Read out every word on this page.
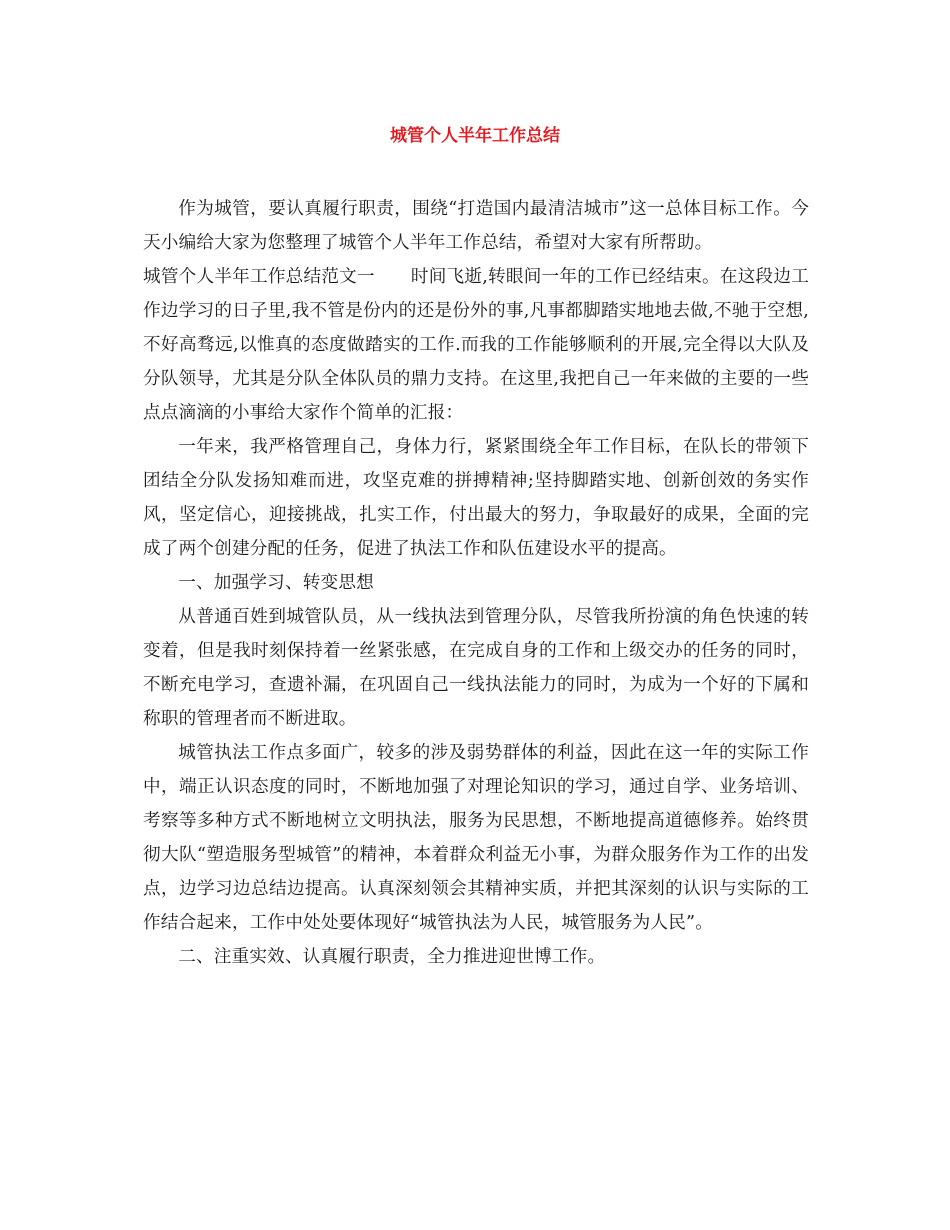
城管个人半年工作总结

作为城管，要认真履行职责，围绕“打造国内最清洁城市”这一总体目标工作。今天小编给大家为您整理了城管个人半年工作总结，希望对大家有所帮助。

城管个人半年工作总结范文一 时间飞逝,转眼间一年的工作已经结束。在这段边工作边学习的日子里,我不管是份内的还是份外的事,凡事都脚踏实地地去做,不驰于空想,不好高骛远,以惟真的态度做踏实的工作.而我的工作能够顺利的开展,完全得以大队及分队领导，尤其是分队全体队员的鼎力支持。在这里,我把自己一年来做的主要的一些点点滴滴的小事给大家作个简单的汇报：

一年来，我严格管理自己，身体力行，紧紧围绕全年工作目标，在队长的带领下团结全分队发扬知难而进，攻坚克难的拼搏精神;坚持脚踏实地、创新创效的务实作风，坚定信心，迎接挑战，扎实工作，付出最大的努力，争取最好的成果，全面的完成了两个创建分配的任务，促进了执法工作和队伍建设水平的提高。

一、加强学习、转变思想

从普通百姓到城管队员，从一线执法到管理分队，尽管我所扮演的角色快速的转变着，但是我时刻保持着一丝紧张感，在完成自身的工作和上级交办的任务的同时，不断充电学习，查遗补漏，在巩固自己一线执法能力的同时，为成为一个好的下属和称职的管理者而不断进取。

城管执法工作点多面广，较多的涉及弱势群体的利益，因此在这一年的实际工作中，端正认识态度的同时，不断地加强了对理论知识的学习，通过自学、业务培训、考察等多种方式不断地树立文明执法，服务为民思想，不断地提高道德修养。始终贯彻大队“塑造服务型城管”的精神，本着群众利益无小事，为群众服务作为工作的出发点，边学习边总结边提高。认真深刻领会其精神实质，并把其深刻的认识与实际的工作结合起来，工作中处处要体现好“城管执法为人民，城管服务为人民”。

二、注重实效、认真履行职责，全力推进迎世博工作。
